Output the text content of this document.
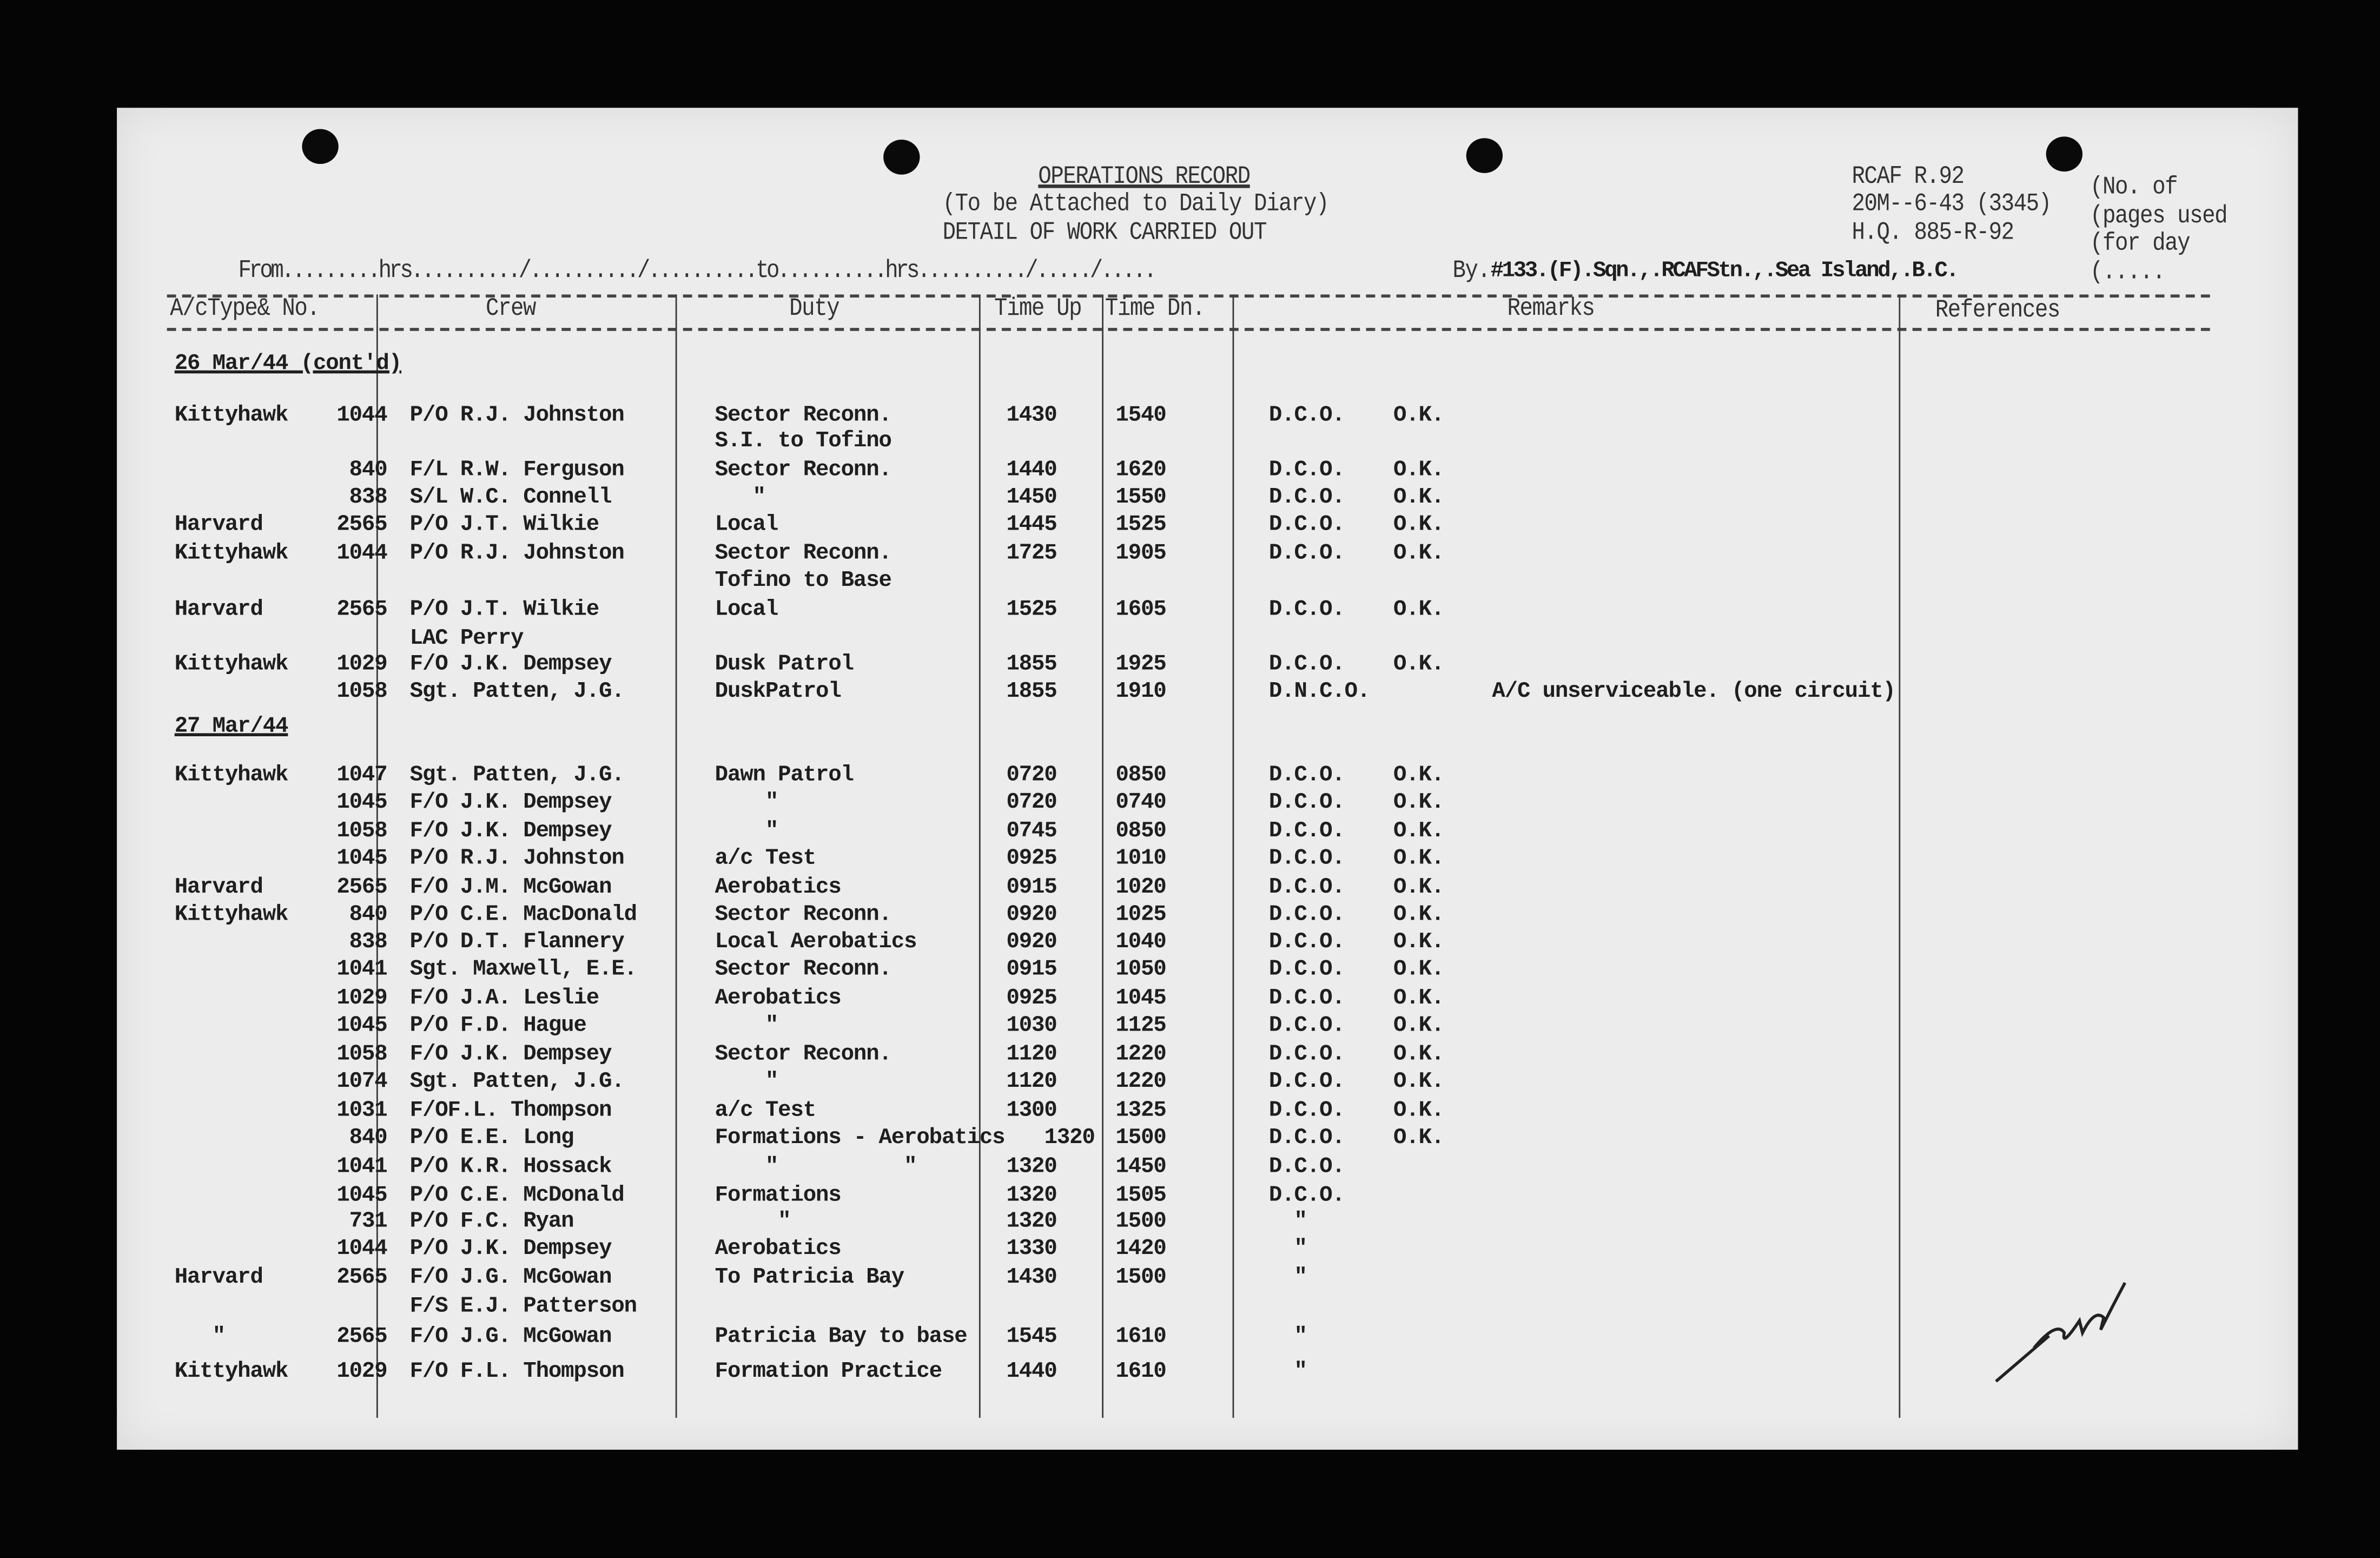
OPERATIONS RECORD
(To be Attached to Daily Diary)
DETAIL OF WORK CARRIED OUT
RCAF R.92
20M--6-43 (3345)
H.Q. 885-R-92
(No. of
(pages used
(for day
(.....
From.........hrs........../........../..........to..........hrs........../...../.....	By. #133.(F).Sqn.,.RCAFStn.,.Sea Island,.B.C.
A/cType& No.	Crew	Duty	Time Up	Time Dn.	Remarks	References
26 Mar/44 (cont'd)
Kittyhawk	1044	P/O R.J. Johnston	Sector Reconn.	1430	1540	D.C.O.	O.K.
S.I. to Tofino
840	F/L R.W. Ferguson	Sector Reconn.	1440	1620	D.C.O.	O.K.
838	S/L W.C. Connell	"	1450	1550	D.C.O.	O.K.
Harvard	2565	P/O J.T. Wilkie	Local	1445	1525	D.C.O.	O.K.
Kittyhawk	1044	P/O R.J. Johnston	Sector Reconn.	1725	1905	D.C.O.	O.K.
Tofino to Base
Harvard	2565	P/O J.T. Wilkie	Local	1525	1605	D.C.O.	O.K.
LAC Perry
Kittyhawk	1029	F/O J.K. Dempsey	Dusk Patrol	1855	1925	D.C.O.	O.K.
1058	Sgt. Patten, J.G.	DuskPatrol	1855	1910	D.N.C.O.	A/C unserviceable. (one circuit)
27 Mar/44
Kittyhawk	1047	Sgt. Patten, J.G.	Dawn Patrol	0720	0850	D.C.O.	O.K.
1045	F/O J.K. Dempsey	"	0720	0740	D.C.O.	O.K.
1058	F/O J.K. Dempsey	"	0745	0850	D.C.O.	O.K.
1045	P/O R.J. Johnston	a/c Test	0925	1010	D.C.O.	O.K.
Harvard	2565	F/O J.M. McGowan	Aerobatics	0915	1020	D.C.O.	O.K.
Kittyhawk	840	P/O C.E. MacDonald	Sector Reconn.	0920	1025	D.C.O.	O.K.
838	P/O D.T. Flannery	Local Aerobatics	0920	1040	D.C.O.	O.K.
1041	Sgt. Maxwell, E.E.	Sector Reconn.	0915	1050	D.C.O.	O.K.
1029	F/O J.A. Leslie	Aerobatics	0925	1045	D.C.O.	O.K.
1045	P/O F.D. Hague	"	1030	1125	D.C.O.	O.K.
1058	F/O J.K. Dempsey	Sector Reconn.	1120	1220	D.C.O.	O.K.
1074	Sgt. Patten, J.G.	"	1120	1220	D.C.O.	O.K.
1031	F/OF.L. Thompson	a/c Test	1300	1325	D.C.O.	O.K.
840	P/O E.E. Long	Formations - Aerobatics	1320	1500	D.C.O.	O.K.
1041	P/O K.R. Hossack	"          "	1320	1450	D.C.O.
1045	P/O C.E. McDonald	Formations	1320	1505	D.C.O.
731	P/O F.C. Ryan	"	1320	1500	"
1044	P/O J.K. Dempsey	Aerobatics	1330	1420	"
Harvard	2565	F/O J.G. McGowan	To Patricia Bay	1430	1500	"
F/S E.J. Patterson
"	2565	F/O J.G. McGowan	Patricia Bay to base	1545	1610	"
Kittyhawk	1029	F/O F.L. Thompson	Formation Practice	1440	1610	"
